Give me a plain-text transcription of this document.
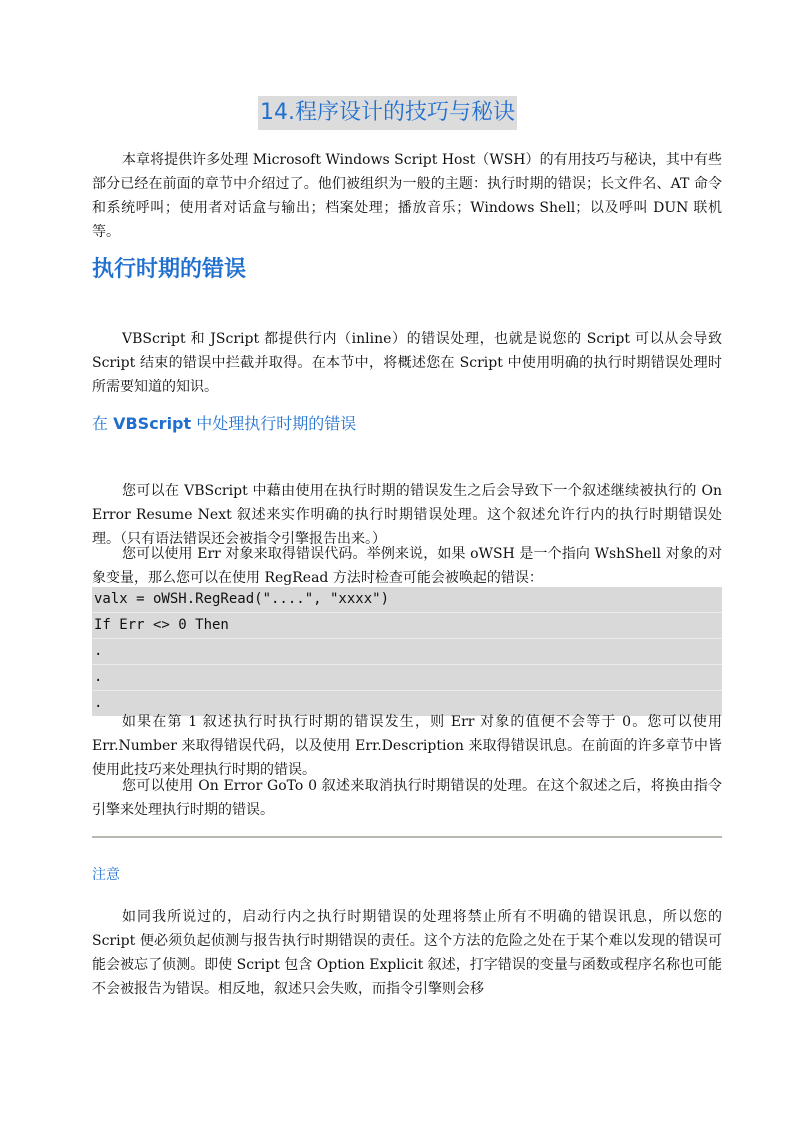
14.程序设计的技巧与秘诀

本章将提供许多处理 Microsoft Windows Script Host（WSH）的有用技巧与秘诀，其中有些部分已经在前面的章节中介绍过了。他们被组织为一般的主题：执行时期的错误；长文件名、AT 命令和系统呼叫；使用者对话盒与输出；档案处理；播放音乐；Windows Shell；以及呼叫 DUN 联机等。

执行时期的错误

VBScript 和 JScript 都提供行内（inline）的错误处理，也就是说您的 Script 可以从会导致 Script 结束的错误中拦截并取得。在本节中，将概述您在 Script 中使用明确的执行时期错误处理时所需要知道的知识。

在 VBScript 中处理执行时期的错误

您可以在 VBScript 中藉由使用在执行时期的错误发生之后会导致下一个叙述继续被执行的 On Error Resume Next 叙述来实作明确的执行时期错误处理。这个叙述允许行内的执行时期错误处理。（只有语法错误还会被指令引擎报告出来。）

您可以使用 Err 对象来取得错误代码。举例来说，如果 oWSH 是一个指向 WshShell 对象的对象变量，那么您可以在使用 RegRead 方法时检查可能会被唤起的错误：

valx = oWSH.RegRead("....", "xxxx")
If Err <> 0 Then
.
.
.

如果在第 1 叙述执行时执行时期的错误发生，则 Err 对象的值便不会等于 0。您可以使用 Err.Number 来取得错误代码，以及使用 Err.Description 来取得错误讯息。在前面的许多章节中皆使用此技巧来处理执行时期的错误。

您可以使用 On Error GoTo 0 叙述来取消执行时期错误的处理。在这个叙述之后，将换由指令引擎来处理执行时期的错误。

注意

如同我所说过的，启动行内之执行时期错误的处理将禁止所有不明确的错误讯息，所以您的 Script 便必须负起侦测与报告执行时期错误的责任。这个方法的危险之处在于某个难以发现的错误可能会被忘了侦测。即使 Script 包含 Option Explicit 叙述，打字错误的变量与函数或程序名称也可能不会被报告为错误。相反地，叙述只会失败，而指令引擎则会移
